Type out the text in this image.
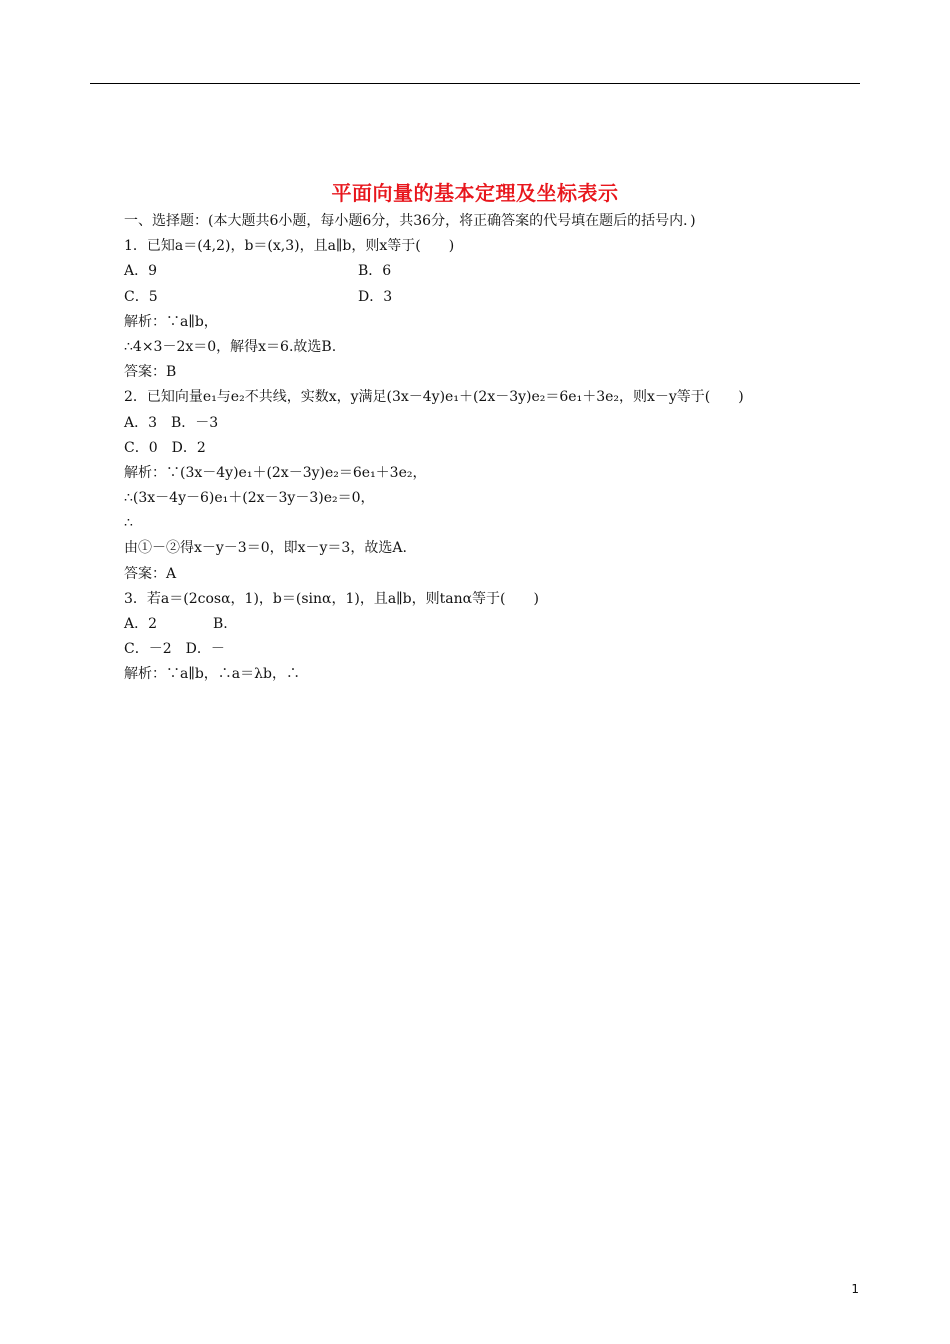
平面向量的基本定理及坐标表示
一、选择题：(本大题共6小题，每小题6分，共36分，将正确答案的代号填在题后的括号内．)
1．已知a＝(4,2)，b＝(x,3)，且a∥b，则x等于(　　)
A．9	B．6
C．5	D．3
解析：∵a∥b，
∴4×3－2x＝0，解得x＝6.故选B.
答案：B
2．已知向量e₁与e₂不共线，实数x，y满足(3x－4y)e₁＋(2x－3y)e₂＝6e₁＋3e₂，则x－y等于(　　)
A．3　B．－3
C．0　D．2
解析：∵(3x－4y)e₁＋(2x－3y)e₂＝6e₁＋3e₂，
∴(3x－4y－6)e₁＋(2x－3y－3)e₂＝0，
∴
由①－②得x－y－3＝0，即x－y＝3，故选A.
答案：A
3．若a＝(2cosα，1)，b＝(sinα，1)，且a∥b，则tanα等于(　　)
A．2　　　　B.
C．－2　D．－
解析：∵a∥b，∴a＝λb，∴
1
